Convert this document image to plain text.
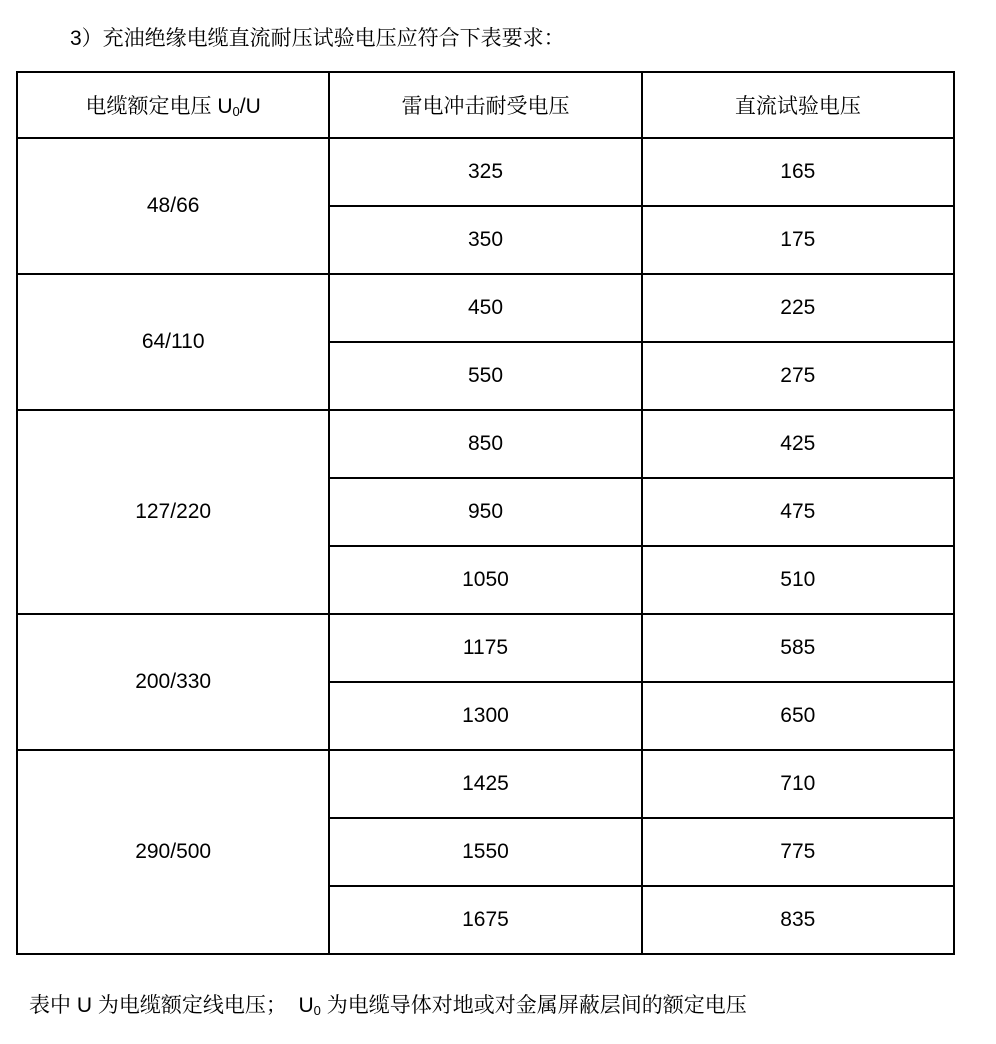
3）充油绝缘电缆直流耐压试验电压应符合下表要求：

电缆额定电压 $U_0/U$	雷电冲击耐受电压	直流试验电压
48/66	325	165
	350	175
64/110	450	225
	550	275
127/220	850	425
	950	475
	1050	510
200/330	1175	585
	1300	650
290/500	1425	710
	1550	775
	1675	835

表中 U 为电缆额定线电压；  $U_0$ 为电缆导体对地或对金属屏蔽层间的额定电压
